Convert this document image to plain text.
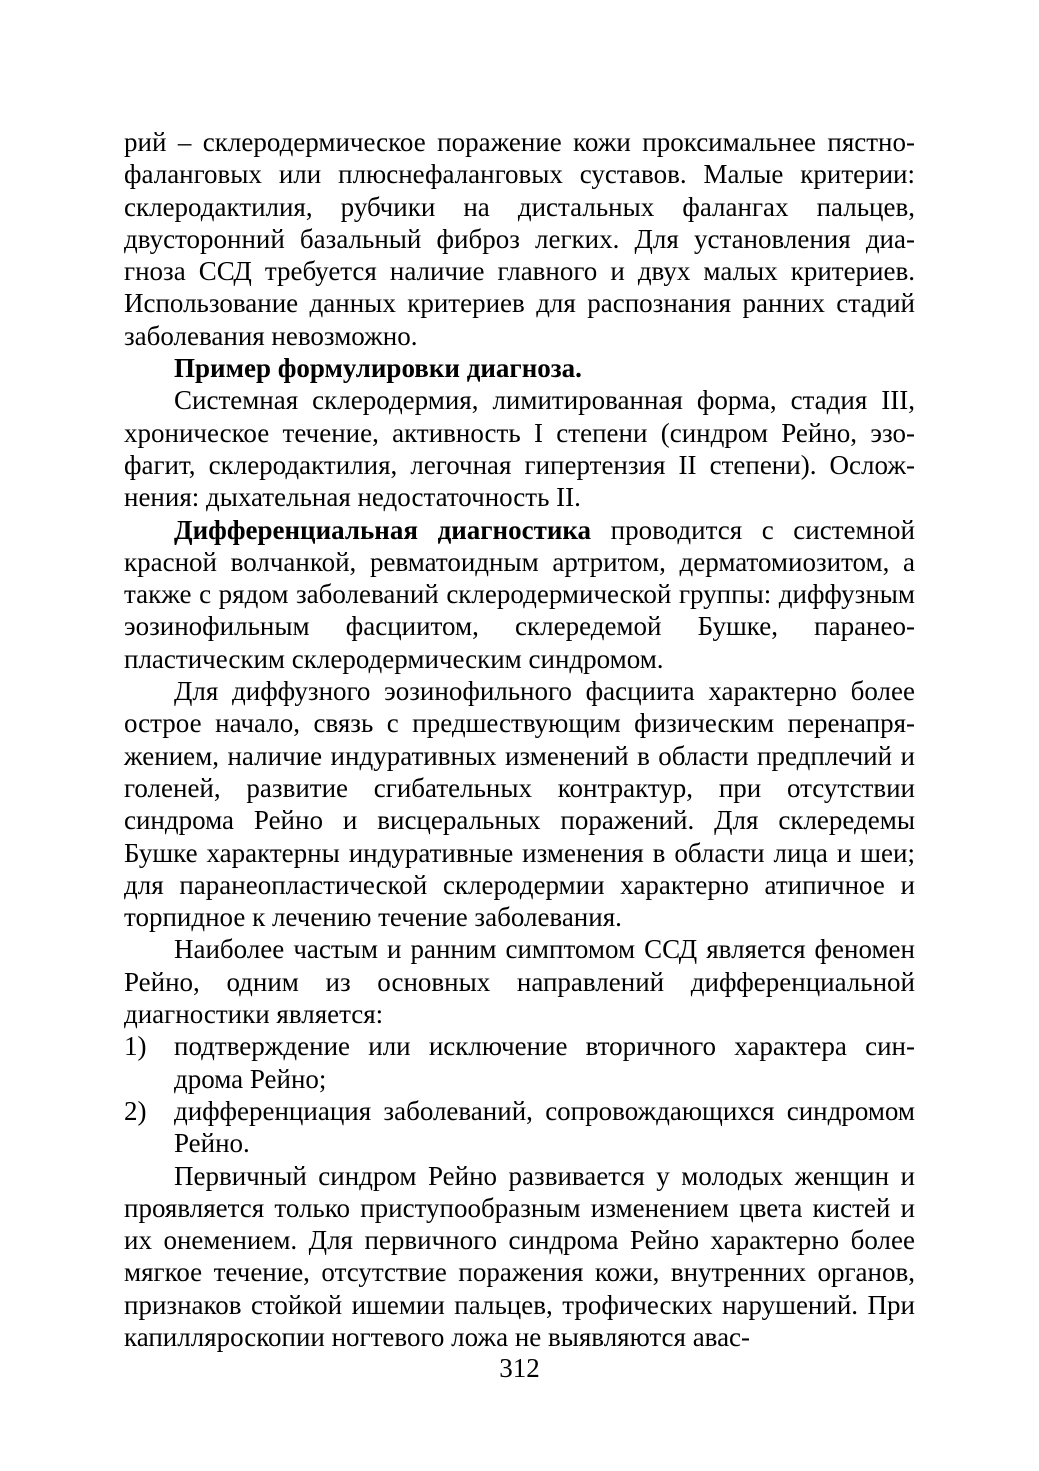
рий – склеродермическое поражение кожи проксимальнее пястно-фаланговых или плюснефаланговых суставов. Малые критерии: склеродактилия, рубчики на дистальных фалангах пальцев, двусторонний базальный фиброз легких. Для установления диагноза ССД требуется наличие главного и двух малых критериев. Использование данных критериев для распознания ранних стадий заболевания невозможно.

Пример формулировки диагноза.

Системная склеродермия, лимитированная форма, стадия III, хроническое течение, активность I степени (синдром Рейно, эзофагит, склеродактилия, легочная гипертензия II степени). Осложнения: дыхательная недостаточность II.

Дифференциальная диагностика проводится с системной красной волчанкой, ревматоидным артритом, дерматомиозитом, а также с рядом заболеваний склеродермической группы: диффузным эозинофильным фасциитом, склередемой Бушке, паранеопластическим склеродермическим синдромом.

Для диффузного эозинофильного фасциита характерно более острое начало, связь с предшествующим физическим перенапряжением, наличие индуративных изменений в области предплечий и голеней, развитие сгибательных контрактур, при отсутствии синдрома Рейно и висцеральных поражений. Для склередемы Бушке характерны индуративные изменения в области лица и шеи; для паранеопластической склеродермии характерно атипичное и торпидное к лечению течение заболевания.

Наиболее частым и ранним симптомом ССД является феномен Рейно, одним из основных направлений дифференциальной диагностики является:

1)	подтверждение или исключение вторичного характера синдрома Рейно;
2)	дифференциация заболеваний, сопровождающихся синдромом Рейно.

Первичный синдром Рейно развивается у молодых женщин и проявляется только приступообразным изменением цвета кистей и их онемением. Для первичного синдрома Рейно характерно более мягкое течение, отсутствие поражения кожи, внутренних органов, признаков стойкой ишемии пальцев, трофических нарушений. При капилляроскопии ногтевого ложа не выявляются авас-

312
